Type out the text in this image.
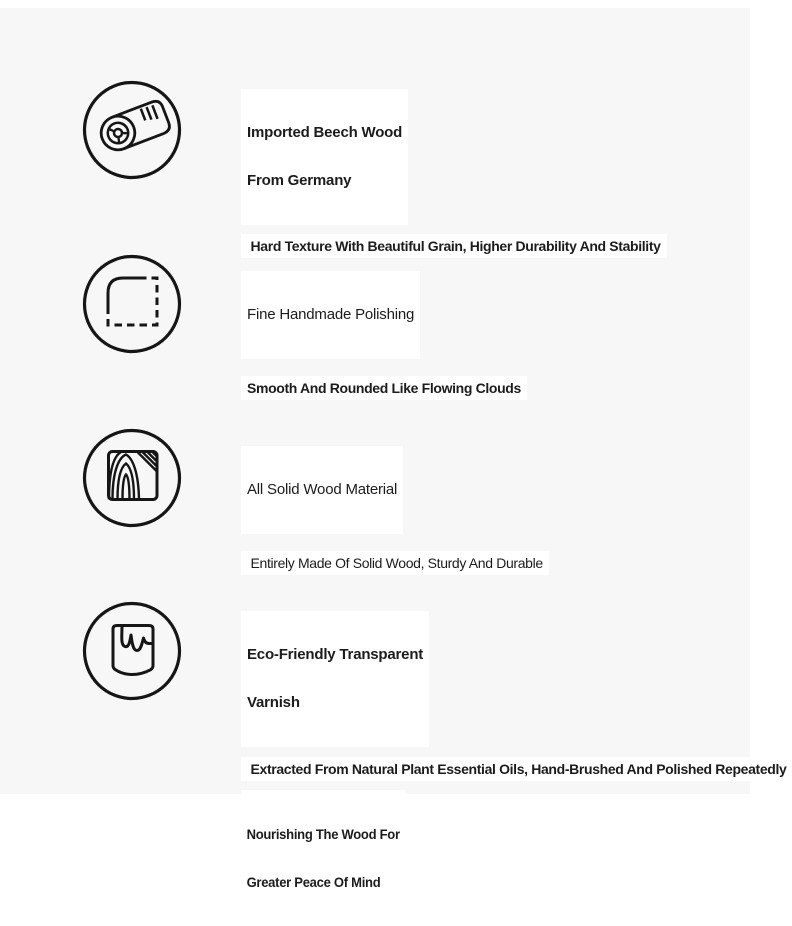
Imported Beech Wood

From Germany

Hard Texture With Beautiful Grain, Higher Durability And Stability

Fine Handmade Polishing

Smooth And Rounded Like Flowing Clouds

All Solid Wood Material

Entirely Made Of Solid Wood, Sturdy And Durable

Eco-Friendly Transparent

Varnish

Extracted From Natural Plant Essential Oils, Hand-Brushed And Polished Repeatedly

Nourishing The Wood For

Greater Peace Of Mind
